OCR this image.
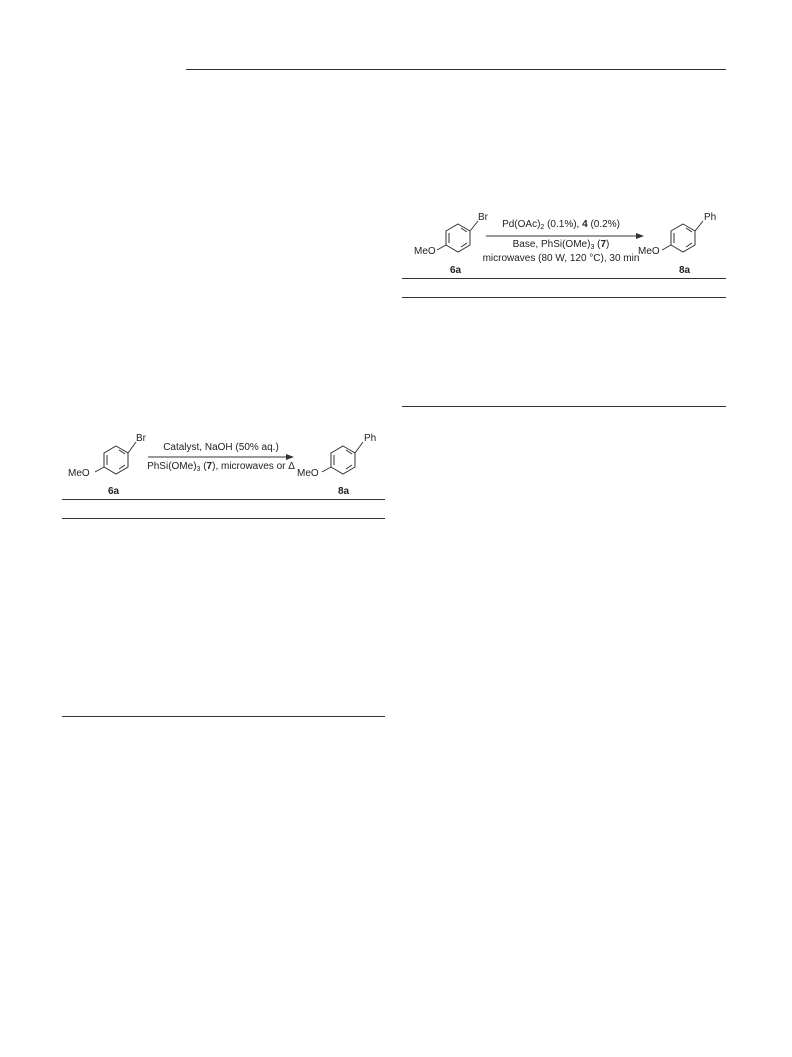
Br
MeO
Ph
MeO
$Pd(OAc)_2$ (0.1%), 4 (0.2%)
Base, $PhSi(OMe)_3$ (7)
microwaves (80 W, 120 °C), 30 min
6a	8a
Br
MeO
Ph
MeO
Catalyst, NaOH (50% aq.)
$PhSi(OMe)_3$ (7), microwaves or Δ
6a	8a
